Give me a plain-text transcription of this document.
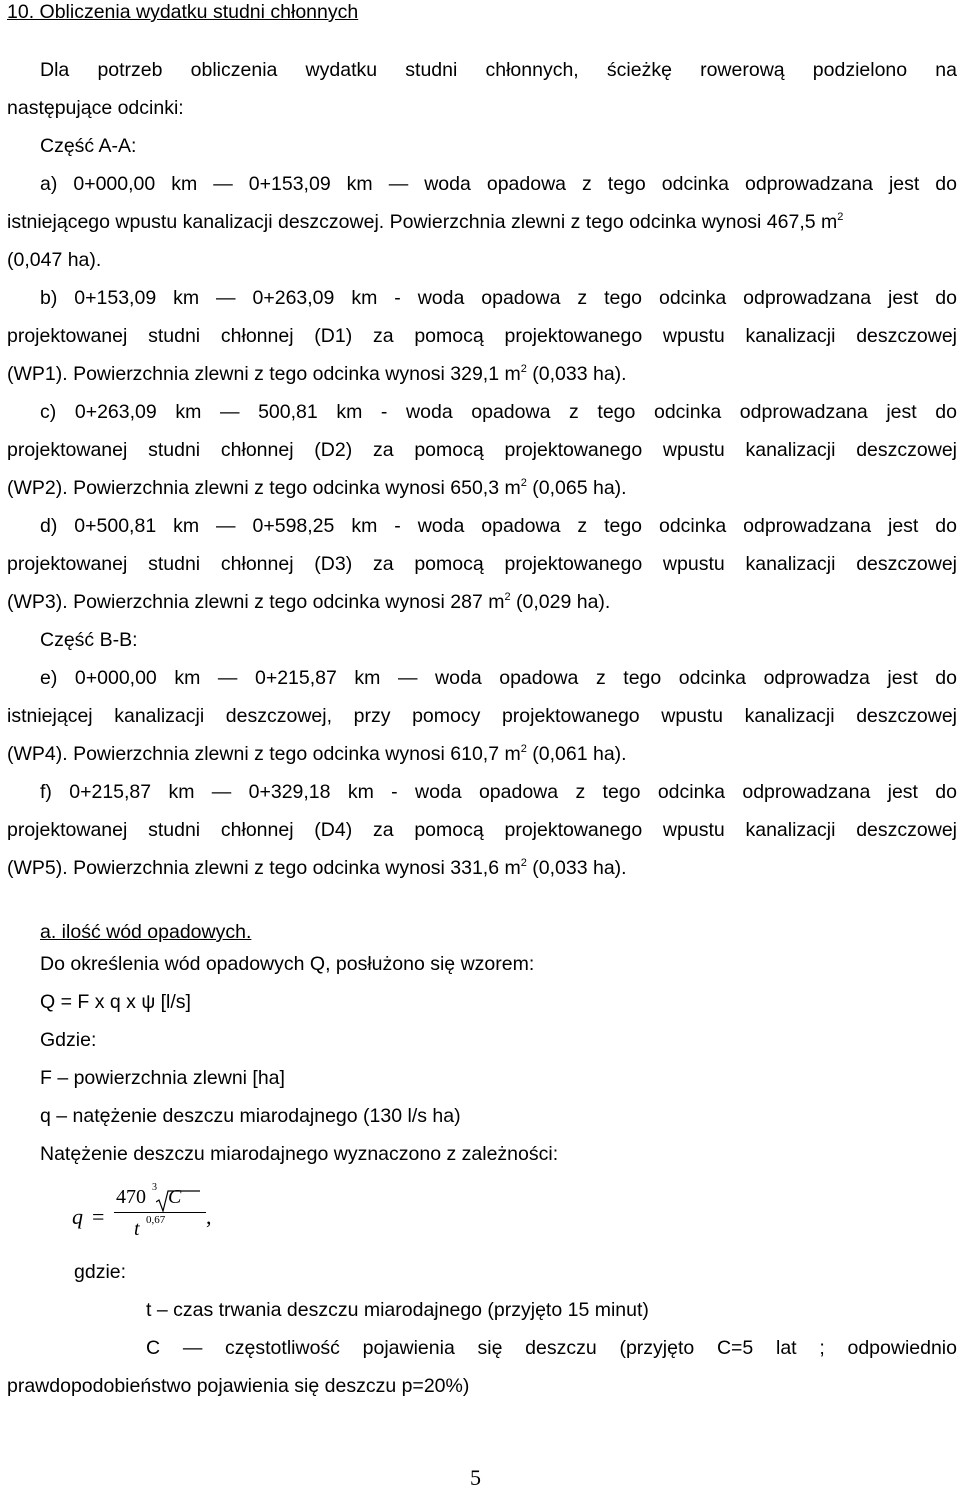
10. Obliczenia wydatku studni chłonnych
Dla potrzeb obliczenia wydatku studni chłonnych, ścieżkę rowerową podzielono na
następujące odcinki:
Część A-A:
a) 0+000,00 km — 0+153,09 km — woda opadowa z tego odcinka odprowadzana jest do
istniejącego wpustu kanalizacji deszczowej. Powierzchnia zlewni z tego odcinka wynosi 467,5 $m^2$
(0,047 ha).
b) 0+153,09 km — 0+263,09 km - woda opadowa z tego odcinka odprowadzana jest do
projektowanej studni chłonnej (D1) za pomocą projektowanego wpustu kanalizacji deszczowej
(WP1). Powierzchnia zlewni z tego odcinka wynosi 329,1 $m^2$ (0,033 ha).
c) 0+263,09 km — 500,81 km - woda opadowa z tego odcinka odprowadzana jest do
projektowanej studni chłonnej (D2) za pomocą projektowanego wpustu kanalizacji deszczowej
(WP2). Powierzchnia zlewni z tego odcinka wynosi 650,3 $m^2$ (0,065 ha).
d) 0+500,81 km — 0+598,25 km - woda opadowa z tego odcinka odprowadzana jest do
projektowanej studni chłonnej (D3) za pomocą projektowanego wpustu kanalizacji deszczowej
(WP3). Powierzchnia zlewni z tego odcinka wynosi 287 $m^2$ (0,029 ha).
Część B-B:
e) 0+000,00 km — 0+215,87 km — woda opadowa z tego odcinka odprowadza jest do
istniejącej kanalizacji deszczowej, przy pomocy projektowanego wpustu kanalizacji deszczowej
(WP4). Powierzchnia zlewni z tego odcinka wynosi 610,7 $m^2$ (0,061 ha).
f) 0+215,87 km — 0+329,18 km - woda opadowa z tego odcinka odprowadzana jest do
projektowanej studni chłonnej (D4) za pomocą projektowanego wpustu kanalizacji deszczowej
(WP5). Powierzchnia zlewni z tego odcinka wynosi 331,6 $m^2$ (0,033 ha).
a. ilość wód opadowych.
Do określenia wód opadowych Q, posłużono się wzorem:
Q = F x q x ψ [l/s]
Gdzie:
F – powierzchnia zlewni [ha]
q – natężenie deszczu miarodajnego (130 l/s ha)
Natężenie deszczu miarodajnego wyznaczono z zależności:
q =
470 3 C
t 0,67 ,
gdzie:
t – czas trwania deszczu miarodajnego (przyjęto 15 minut)
C — częstotliwość pojawienia się deszczu (przyjęto C=5 lat ; odpowiednio
prawdopodobieństwo pojawienia się deszczu p=20%)
5
